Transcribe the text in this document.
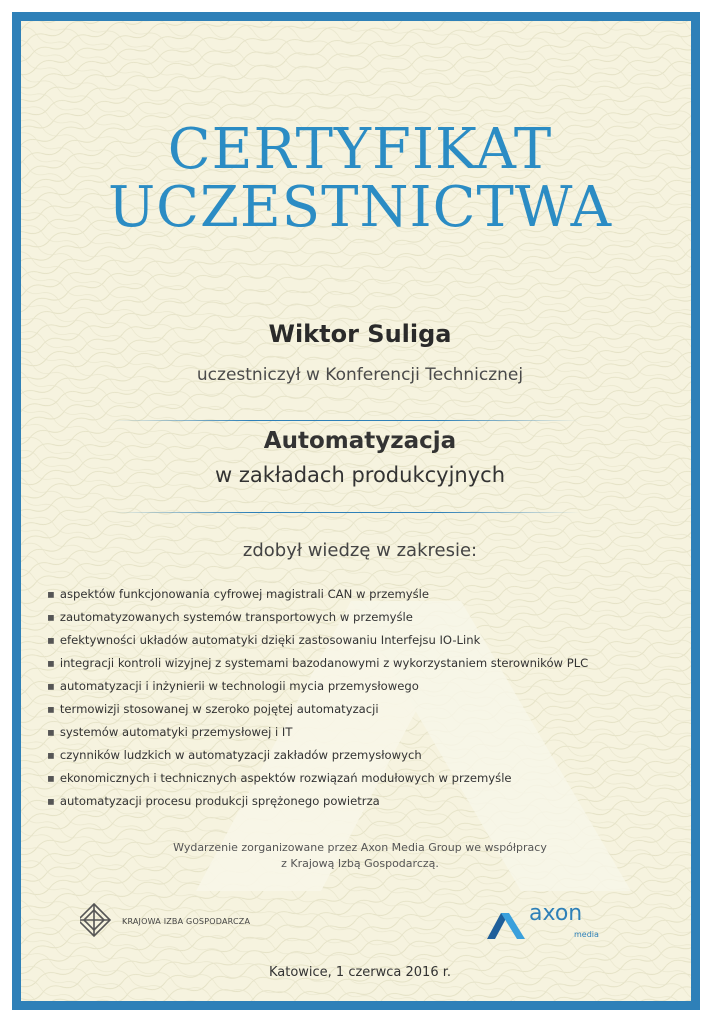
CERTYFIKAT
UCZESTNICTWA
Wiktor Suliga
uczestniczył w Konferencji Technicznej
Automatyzacja
w zakładach produkcyjnych
zdobył wiedzę w zakresie:
▪ aspektów funkcjonowania cyfrowej magistrali CAN w przemyśle
▪ zautomatyzowanych systemów transportowych w przemyśle
▪ efektywności układów automatyki dzięki zastosowaniu Interfejsu IO-Link
▪ integracji kontroli wizyjnej z systemami bazodanowymi z wykorzystaniem sterowników PLC
▪ automatyzacji i inżynierii w technologii mycia przemysłowego
▪ termowizji stosowanej w szeroko pojętej automatyzacji
▪ systemów automatyki przemysłowej i IT
▪ czynników ludzkich w automatyzacji zakładów przemysłowych
▪ ekonomicznych i technicznych aspektów rozwiązań modułowych w przemyśle
▪ automatyzacji procesu produkcji sprężonego powietrza
Wydarzenie zorganizowane przez Axon Media Group we współpracy
z Krajową Izbą Gospodarczą.
KRAJOWA IZBA GOSPODARCZA	axon
media
Katowice, 1 czerwca 2016 r.
